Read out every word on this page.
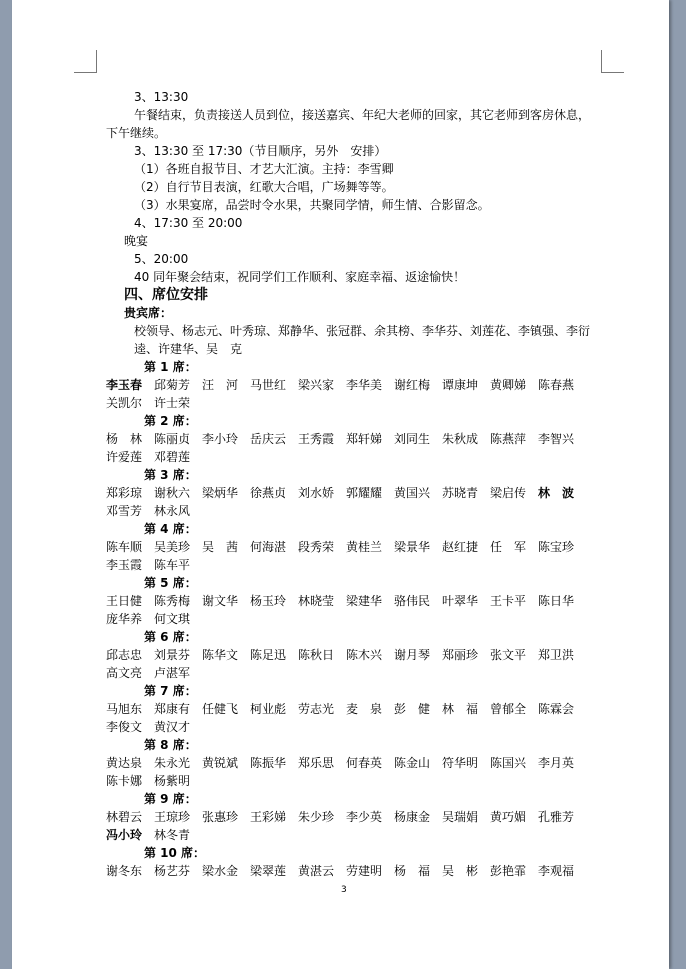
3、13:30
午餐结束，负责接送人员到位，接送嘉宾、年纪大老师的回家，其它老师到客房休息，
下午继续。
3、13:30 至 17:30（节目顺序，另外　安排）
（1）各班自报节目、才艺大汇演。主持：李雪卿
（2）自行节目表演，红歌大合唱，广场舞等等。
（3）水果宴席，品尝时令水果，共聚同学情，师生情、合影留念。
4、17:30 至 20:00
晚宴
5、20:00
40 同年聚会结束，祝同学们工作顺利、家庭幸福、返途愉快！
四、席位安排
贵宾席：
校领导、杨志元、叶秀琼、郑静华、张冠群、余其榜、李华芬、刘莲花、李镇强、李衍逵、许建华、吴　克
第 1 席：
李玉春 邱菊芳 汪　河 马世红 梁兴家 李华美 谢红梅 谭康坤 黄卿娣 陈春燕
关凯尔 许士荣
第 2 席：
杨　林 陈丽贞 李小玲 岳庆云 王秀霞 郑轩娣 刘同生 朱秋成 陈燕萍 李智兴
许爱莲 邓碧莲
第 3 席：
郑彩琼 谢秋六 梁炳华 徐燕贞 刘水娇 郭耀耀 黄国兴 苏晓青 梁启传 林　波
邓雪芳 林永风
第 4 席：
陈车顺 吴美珍 吴　茜 何海湛 段秀荣 黄桂兰 梁景华 赵红捷 任　军 陈宝珍
李玉霞 陈车平
第 5 席：
王日健 陈秀梅 谢文华 杨玉玲 林晓莹 梁建华 骆伟民 叶翠华 王卡平 陈日华
庞华养 何文琪
第 6 席：
邱志忠 刘景芬 陈华文 陈足迅 陈秋日 陈木兴 谢月琴 郑丽珍 张文平 郑卫洪
高文亮 卢湛军
第 7 席：
马旭东 郑康有 任健飞 柯业彪 劳志光 麦　泉 彭　健 林　福 曾郁全 陈霖会
李俊文 黄汉才
第 8 席：
黄达泉 朱永光 黄锐斌 陈振华 郑乐思 何春英 陈金山 符华明 陈国兴 李月英
陈卡娜 杨紫明
第 9 席：
林碧云 王琼珍 张惠珍 王彩娣 朱少珍 李少英 杨康金 吴瑞娟 黄巧媚 孔雅芳
冯小玲 林冬青
第 10 席：
谢冬东 杨艺芬 梁水金 梁翠莲 黄湛云 劳建明 杨　福 吴　彬 彭艳霏 李观福
3
